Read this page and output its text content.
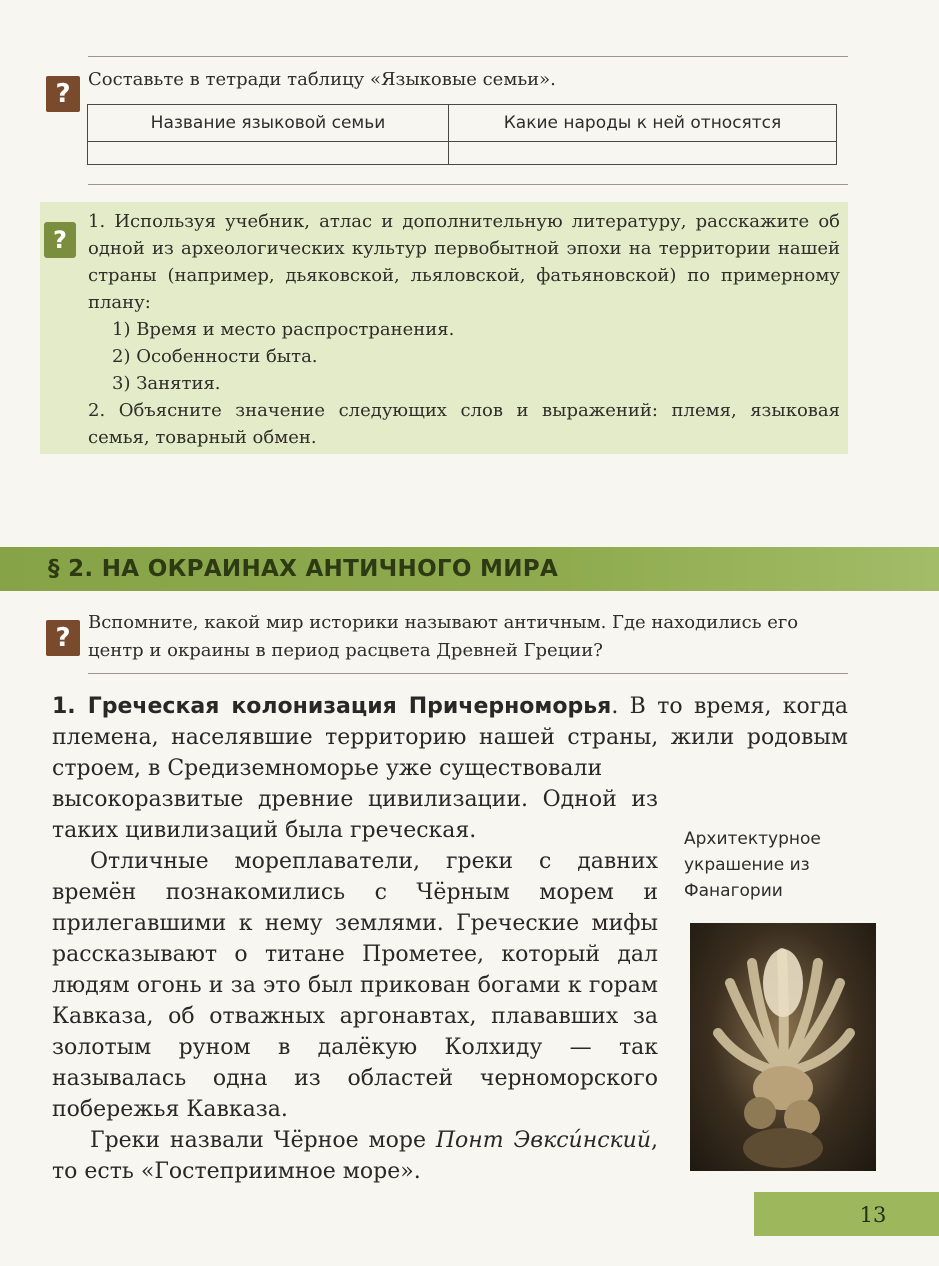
? Составьте в тетради таблицу «Языковые семьи».
Название языковой семьи	Какие народы к ней относятся

?

1. Используя учебник, атлас и дополнительную литературу, расскажите об одной из археологических культур первобытной эпохи на территории нашей страны (например, дьяковской, льяловской, фатьяновской) по примерному плану:

1) Время и место распространения.

2) Особенности быта.

3) Занятия.

2. Объясните значение следующих слов и выражений: племя, языковая семья, товарный обмен.

§ 2. НА ОКРАИНАХ АНТИЧНОГО МИРА
?
Вспомните, какой мир историки называют античным. Где находились его центр и окраины в период расцвета Древней Греции?
1. Греческая колонизация Причерноморья. В то время, когда племена, населявшие территорию нашей страны, жили родовым строем, в Средиземноморье уже существовали
высокоразвитые древние цивилизации. Одной из таких цивилизаций была греческая.

Отличные мореплаватели, греки с давних времён познакомились с Чёрным морем и прилегавшими к нему землями. Греческие мифы рассказывают о титане Прометее, который дал людям огонь и за это был прикован богами к горам Кавказа, об отважных аргонавтах, плававших за золотым руном в далёкую Колхиду — так называлась одна из областей черноморского побережья Кавказа.

Греки назвали Чёрное море Понт Эвкси́нский, то есть «Гостеприимное море».

Архитектурное украшение из Фанагории
13
